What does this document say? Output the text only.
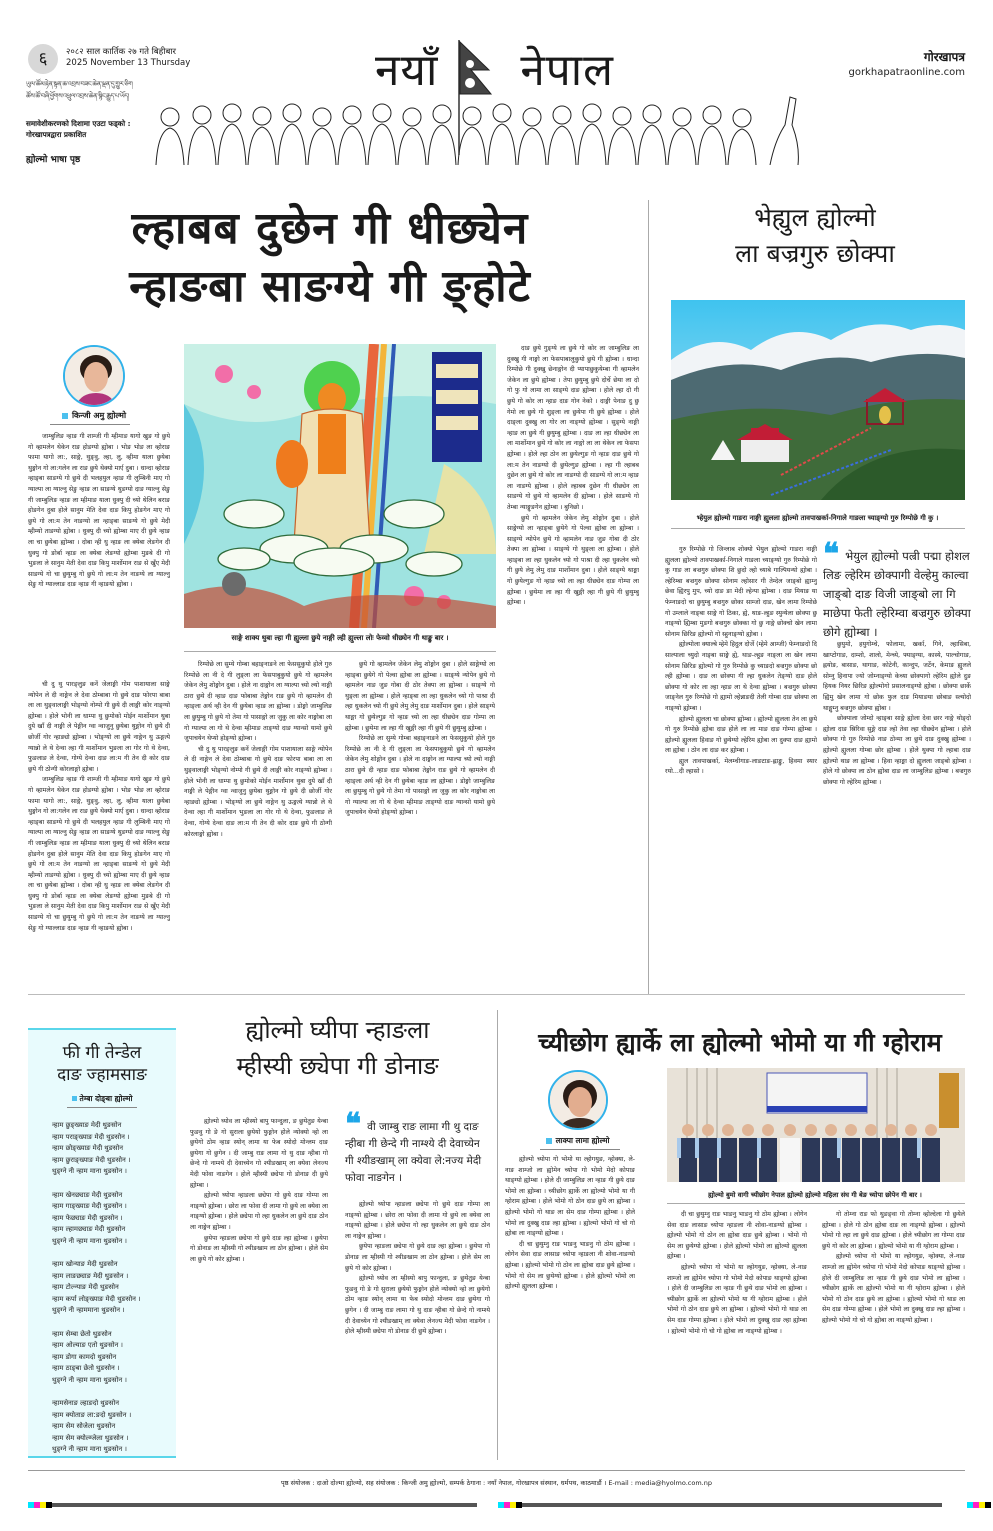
६	२०८२ साल कार्तिक २७ गते बिहीबार
2025 November 13 Thursday
ཡུལ་ཚོམ་རྟེན་སྟན་ཆ་འབྲས་བཟང་ཆེན་ལྡན་དུ་གྱུར་ཅིག
ཚོས་ཚོ་བཞི་ཕྱོགས་འཕྲུལ་འབྲས་ཆེན་སྙིང་རྒྱུད་པ་ཡོད།
समावेशीकरणको दिशामा एउटा फड्को :
गोरखापत्रद्वारा प्रकाशित
ह्योल्मो भाषा पृष्ठ
नयाँ नेपाल	गोरखापत्र
gorkhapatraonline.com
ल्हाबब दुछेन गी धीछ्येन
न्हाङबा साङग्ये गी ङ्होटे
किन्जी अमु ह्योल्मो

जाम्बुलिङ न्हाङ गी शाम्जी गी म्हीमाङ यागो खुङ गो छुये गो व्हामलेन थेकेन राङ होङग्यो ह्योबा । भोङ भोङ ला व्होराङ फामा यागो ला:, साङ्गे, थुङ्वु, ल्हा, लु, व्हीमा याला छुयेबा थुङ्गोन गो ला:गलेन ला राङ छुये थेक्यो मार्ए दुबा । धान्दा व्होराङ न्हाङ्बा साङग्ये गो छुये दी भलहयुल न्हाङ गी लुम्बिनी माए गो ग्याल्पा ला ग्याल्नु सेङु न्हाङ ला साङग्ये थुङग्यो दाङ ग्याल्नु सेङु गी जाम्बुलिङ न्हाङ ला म्हीमाङ याला धुक्पु दी च्यो थेलिन बराङ होङगेन दुबा होले सानुम मेति देवा दाङ किपु होङगेन माए गो छुये गो ला:म तेन नाङग्यो ला न्हाङ्बा साङग्ये गो छुये मेदी म्हीम्यो ताङग्यो ह्योबा । धुक्पु दी च्यो ह्योम्बा माए दी छुये न्हाङ ला चा छुयेबा ह्योम्बा । दोबा न्ही धु न्हाङ ला क्येबा लेङगेन दी धुक्पु गो ङोर्बा न्हाङ ला क्येबा लेङग्यो ह्योम्बा मुङबे दी गो भुङला ले सानुम मेती देवा दाङ किपु मार्शोमान राङ से खुँए मेदी साङग्ये गो चा छुयुम्बु गो छुये गो ला:म तेन नाङग्ये ला ग्याल्नु सेङु गो ग्याल्लाङ दाङ न्हाङ गी न्हाङयो ह्योबा ।

ची दु थु पारङ्लुङ कनें जेलाङ्गी गोम पाशायाला साङ्गे न्योपेन ले दी नाङ्गेन ले देवा ठोम्बाबा गो छुये दाङ फोरपा बाबा ला ला थुङ्वालाङ्गी भोङ्ग्यो नोम्पो गी छुये दी लाङ्गी कोर नाङ्ग्यो ह्योम्बा । होले भोनी ला धाम्पा थु छुमोको मोईन मार्शोमान थुबा दुये खाँ दी नाङ्गी ले पेङ्गीन ग्वा न्वाजुनु छुयेबा थुङ्गोन गो छुये दी छोर्जी गोर न्हाङ्यो ह्योम्बा । भोङ्ग्यो ला छुये नाङ्गेन थु ऊङ्गत्ये ग्यान्नो ले थे देन्वा ल्हा गी मार्शोमान भुङला ला गोर गो थे देन्वा, फुङलाङ ले देन्वा, गोग्ये देन्वा दाङ ला:म गी तेन दी कोर दाङ छुये गी ठोन्गी कोरलाङ्गो ह्योबा ।

जाम्बुलिङ न्हाङ गी शाम्जी गी म्हीमाङ यागो खुङ गो छुये गो व्हामलेन थेकेन राङ होङग्यो ह्योबा । भोङ भोङ ला व्होराङ फामा यागो ला:, साङ्गे, थुङ्वु, ल्हा, लु, व्हीमा याला छुयेबा थुङ्गोन गो ला:गलेन ला राङ छुये थेक्यो मार्ए दुबा । धान्दा व्होराङ न्हाङ्बा साङग्ये गो छुये दी भलहयुल न्हाङ गी लुम्बिनी माए गो ग्याल्पा ला ग्याल्नु सेङु न्हाङ ला साङग्ये थुङग्यो दाङ ग्याल्नु सेङु गी जाम्बुलिङ न्हाङ ला म्हीमाङ याला धुक्पु दी च्यो थेलिन बराङ होङगेन दुबा होले सानुम मेति देवा दाङ किपु होङगेन माए गो छुये गो ला:म तेन नाङग्यो ला न्हाङ्बा साङग्ये गो छुये मेदी म्हीम्यो ताङग्यो ह्योबा । धुक्पु दी च्यो ह्योम्बा माए दी छुये न्हाङ ला चा छुयेबा ह्योम्बा । दोबा न्ही धु न्हाङ ला क्येबा लेङगेन दी धुक्पु गो ङोर्बा न्हाङ ला क्येबा लेङग्यो ह्योम्बा मुङबे दी गो भुङला ले सानुम मेती देवा दाङ किपु मार्शोमान राङ से खुँए मेदी साङग्ये गो चा छुयुम्बु गो छुये गो ला:म तेन नाङग्ये ला ग्याल्नु सेङु गो ग्याल्लाङ दाङ न्हाङ गी न्हाङयो ह्योबा ।

साङ्गे शाक्य थुबा ल्हा गी ह्युल्ला छुये नाङ्गी ल्ही ह्युल्ला लोः फेव्वो धीछ्येन गी थाङ्कु बार ।

रिम्पोछे ला सुम्ये गोम्बा बहाङ्नाङने ला फेससुकुयो होले गुरु रिम्पोछे ला नी दे गी लुङ्ला ला फेसपाबुकुयो छुये गो व्हामलेन जेकेन लेमु शोङ्गोन दुबा । होले ना दाङ्गोन ला ग्याल्पा च्यो ल्यो नाङ्गी ठारा छुये दी न्हाङ दाङ फोबाबा तेङ्गोन राङ छुये गो व्हामलेन दी न्हाङ्ला अर्थ न्ही देन गी छुयेबा न्हाङ ला ह्योम्बा । डोङ्गो जाम्बुलिङ ला छुयुम्बु गो छुये गो तेमा गो पासाङ्गो ला जुकु ला कोर नाङ्गोबा ला गो ग्याल्पा ला गो थे देन्वा म्हीमाङ ताङ्ग्यो दाङ ग्यान्सो यामो छुये जुपाचयेन थेप्यो होङ्ग्यो ह्योम्बा ।

ची दु थु पारङ्लुङ कनें जेलाङ्गी गोम पाशायाला साङ्गे न्योपेन ले दी नाङ्गेन ले देवा ठोम्बाबा गो छुये दाङ फोरपा बाबा ला ला थुङ्वालाङ्गी भोङ्ग्यो नोम्पो गी छुये दी लाङ्गी कोर नाङ्ग्यो ह्योम्बा । होले भोनी ला धाम्पा थु छुमोको मोईन मार्शोमान थुबा दुये खाँ दी नाङ्गी ले पेङ्गीन ग्वा न्वाजुनु छुयेबा थुङ्गोन गो छुये दी छोर्जी गोर न्हाङ्यो ह्योम्बा । भोङ्ग्यो ला छुये नाङ्गेन थु ऊङ्गत्ये ग्यान्नो ले थे देन्वा ल्हा गी मार्शोमान भुङला ला गोर गो थे देन्वा, फुङलाङ ले देन्वा, गोग्ये देन्वा दाङ ला:म गी तेन दी कोर दाङ छुये गी ठोन्गी कोरलाङ्गो ह्योबा ।

छुये गो व्हामलेन जेकेन लेमु शोङ्गोन दुबा । होले साङ्गेग्यो ला न्हाङ्बा छुयेगे गो पेल्वा ह्योबा ला ह्योम्बा । साङ्ग्ये न्योपेन छुये गो व्हामलेन नाङ जुङ गोबा दी ठोर तेक्पा ला ह्योम्बा । साङ्ग्ये गो थुङ्ला ला ह्योम्बा । होले न्हाङ्बा ला ल्हा धुकलेन च्यो गो पाश्रा दी ल्हा धुकलेन च्यो गी छुये लेमु लेमु दाङ मार्शोमान दुबा । होले साङ्ग्ये थाङ्मा गो छुयेल्गुङ गो न्हाङ च्यो ला ल्हा धीछ्येन दाङ गोम्पा ला ह्योम्बा । छुयेमा ला ल्हा गी खुङ्गी ल्हा गी छुये गी छुयुम्बु ह्योम्बा ।

रिम्पोछे ला सुम्ये गोम्बा बहाङ्नाङने ला फेससुकुयो होले गुरु रिम्पोछे ला नी दे गी लुङ्ला ला फेसपाबुकुयो छुये गो व्हामलेन जेकेन लेमु शोङ्गोन दुबा । होले ना दाङ्गोन ला ग्याल्पा च्यो ल्यो नाङ्गी ठारा छुये दी न्हाङ दाङ फोबाबा तेङ्गोन राङ छुये गो व्हामलेन दी न्हाङ्ला अर्थ न्ही देन गी छुयेबा न्हाङ ला ह्योम्बा । डोङ्गो जाम्बुलिङ ला छुयुम्बु गो छुये गो तेमा गो पासाङ्गो ला जुकु ला कोर नाङ्गोबा ला गो ग्याल्पा ला गो थे देन्वा म्हीमाङ ताङ्ग्यो दाङ ग्यान्सो यामो छुये जुपाचयेन थेप्यो होङ्ग्यो ह्योम्बा ।

दाङ छुये गुङ्ग्ये ला छुये गो कोर ला जाम्बुलिङ ला दुक्खु गी नाङ्गो ला फेसपाबालुकुयो छुये गी ह्योम्बा । धान्दा रिम्पोछे गी दुक्खु छेनाङ्गोन दी प्यापाछुकुयेम्बा गी व्हामलेन जेकेन ला छुये ह्योम्बा । तेपा छुयुम्बु छुये दोर्चे छेया ला दो गो फु गो लामा ला साङ्ग्ये दाङ ह्योम्बा । होले ल्हा दो गी छुये गो कोर ला न्हाङ दाङ गोन नेको । दाङ्गी पेनाङ दु छु गेमो ला छुये गो शुङ्ला ला छुयेपा गी छुये ह्योम्बा । होले दाङ्ला दुक्खु ला गोर ला नाङ्ग्यो ह्योम्बा । सुङ्ग्ये नाङ्गी न्हाङ ला छुये गी छुयुम्बु ह्योम्बा । दाङ ला ल्हा धीछ्येन ला ला मार्शोमान छुये गो कोर ला नाङ्गो ला ला थेकेन ला फेसपा ह्योम्बा । होले ल्हा ठोन ला छुयेल्गुङ गो न्हाङ दाङ छुये गो ला:म तेन नाङग्यो दी छुयेल्गुङ ह्योम्बा । ल्हा गी ल्हाबब दुछेन ला छुये गो कोर ला नाङग्यो दी साङग्ये गो ला:म न्हाङ ला नाङग्ये ह्योम्बा । होले ल्हाबब दुछेन गी धीछ्येन ला साङग्ये गो छुये गो व्हामलेन दी ह्योम्बा । होले साङग्ये गो तेम्बा न्याङ्गुङगेन ह्योम्बा । बुनिछो ।

छुये गो व्हामलेन जेकेन लेमु शोङ्गोन दुबा । होले साङ्गेग्यो ला न्हाङ्बा छुयेगे गो पेल्वा ह्योबा ला ह्योम्बा । साङ्ग्ये न्योपेन छुये गो व्हामलेन नाङ जुङ गोबा दी ठोर तेक्पा ला ह्योम्बा । साङ्ग्ये गो थुङ्ला ला ह्योम्बा । होले न्हाङ्बा ला ल्हा धुकलेन च्यो गो पाश्रा दी ल्हा धुकलेन च्यो गी छुये लेमु लेमु दाङ मार्शोमान दुबा । होले साङ्ग्ये थाङ्मा गो छुयेल्गुङ गो न्हाङ च्यो ला ल्हा धीछ्येन दाङ गोम्पा ला ह्योम्बा । छुयेमा ला ल्हा गी खुङ्गी ल्हा गी छुये गी छुयुम्बु ह्योम्बा ।

भेह्युल ह्योल्मो
ला बज्रगुरु छोक्पा
भ्हेयुल ह्योल्मो गाङरा नाङ्गी ह्युलला ह्योल्मो तावपाखर्का-निगाले गाङला च्याङ्ग्यो गुरु रिम्पोछे गी कु ।

गुरु रिम्पोछे गो जिन्लाब शोक्यो भेयुल ह्योल्मो गाङरा नाङ्गी ह्युलला ह्योल्मो तावपाखर्का-निगाले गाङला च्याङ्ग्यो गुरु रिम्पोछे गो कु गाङ ला बज्रगुरु छोक्पा शि छुदो ल्हो च्याबे गाल्पियन्यो ह्योबा । ल्हेरिम्बा बज्रगुरु छोक्पा सोनाम ल्होसार गी तेम्देल जाङ्बो ह्याम्नु छेवा ह्यिरपु मुप, च्यो दाङ ङा मेदी ल्हेन्पा ह्योम्बा । दाङ मियाङ या फेम्नाङदो चा छुयुम्बु बज्रगुरु छोका साम्जो दाङ, खेन लामा रिम्पोछे गो उम्लाले नाङ्बा साङ्गे गो ठिका, ह्ये, थाङ-ल्हुङ स्युन्येला छोक्पा छु नाङ्ग्यो ह्यिम्बा मुङगो बज्रगुरु छोक्का गो छु नाङ्गे छोक्चो खेन लामा सोनाम छिरिङ ह्योल्मो गो स्हुनाङ्ग्यो ह्योबा ।

ह्योल्मोला क्याल्बे म्हेमे हिदुल दोर्जे (म्हेमे आम्जी) फेम्नाङदो दि साल्पाला च्युदो नाङ्बा साङ्गे ह्ये, थाङ-ल्हुङ नाङ्ला ला खेन लामा सोनाम छिरिङ ह्योल्मो गो गुरु रिम्पोछे कु च्याङदो बज्रगुरु छोक्पा छो ल्ही ह्योम्बा । दाङ ला छोक्पा गी ल्हा धुकलेन तेङ्ग्यो दाङ होले छोक्पा गो कोर ला ल्हा न्हाङ ला थे देन्वा ह्योम्बा । बज्रगुरु छोक्पा जाङ्नेल गुरु रिम्पोछे गो ह्यामो ल्हेन्नाङदी तेली गोम्बा दाङ छोक्पा ला नाङ्ग्यो ह्योम्बा ।

ह्योल्मो ह्युलला चा छोक्पा ह्योम्बा । ह्योल्मो ह्युलला तेन ला छुये गो गुरु रिम्पोछे ह्योबा दाङ होले ला ला माङ दाङ गोम्पा ह्योम्बा । ह्योल्मो ह्युलला हिवाङ गो छुयेग्यो ल्हेरिम ह्योबा ला दुक्पा दाङ ह्यामो ला ह्योबा । ठोन ला दाङ कर ह्योम्बा ।

ह्युल तावपाखर्का, मेलम्चीगाङ-लाङटाङ-ह्लाङ्कु, हिवमा स्यार रयो...दी ल्हासो ।

❝ भेयुल ह्योल्मो पल्री पद्मा होशल लिङ ल्हेरिम छोक्पागी वेल्हेमु काल्वा जाङ्बो दाङ विजी जाङ्बो ला गि माछेपा फेती ल्हेरिम्वा बज्रगुरु छोक्पा छोगे ह्योम्बा ।

छुयुमो, हयुगोम्चे, फोलामा, खर्का, गिने, ल्हासिबा, खाप्टोगाङ, दाम्शो, शालो, मेन्च्ये, फ्याङ्ग्या, कास्ये, पाल्चोगाङ, ह्लयोङ, बासाङ, थागाङ, कोटेनी, कान्दुप, जर्टेन, केमाङ ह्युलले सोम्नु हिनापा ज्यो जोम्नाङ्ग्यो केच्या छोक्पागो ल्हेरिम ह्योले दुङ हियक नियर छिरिङ ह्योल्मोगो प्रसालनाङ्ग्यो ह्योबा । छोक्पा छार्के ह्यिमु खेन लामा गो छोक फुल दाङ मियाङया छोबाङ स्ल्योदो थाङ्मुम्नु बज्रगुरु छोक्पा ह्योबा ।

छोक्पाला जोम्दो न्हाङ्बा साङ्गे ह्योला देवा छार नाङ्गे थोङ्दो ह्योला दाङ स्रिरिवा सुङ्गे दाङ ल्हो तेवा ल्हा धीछ्येन ह्योम्बा । होले छोक्पा गो गुरु रिम्पोछे नाङ ठोन्मा ला छुये दाङ दुक्खु ह्योम्बा । ह्योल्मो ह्युलला गोम्बा छोर ह्योम्बा । होले थुक्पा गो ल्हाबा दाङ ह्योल्मो थाङ ला ह्योम्बा । हिवा न्हाङ्मा दो ह्युलला जाङ्बो ह्योम्बा । होले गो छोक्पा ला ठोन ह्योबा दाङ ला जाम्बुलिङ ह्योम्बा । बज्रगुरु छोक्पा गो ल्हेरिम ह्योम्बा ।

फी गी तेन्डेल
दाङ ज्हामसाङ
तेम्बा दोङ्बा ह्योल्मो
न्हाम छुङ्ख्याङ मेदी थुङसोन
न्हाम पराङ्ख्याङ मेदी थुङसोन ।
न्हाम छोङ्ख्याङ मेदी थुङसोन
न्हाम छुराङ्ख्याङ मेदी थुङसोन ।
थुङ्ग्ने नी न्हाम माना थुङसोन ।
न्हाम खेनछ्याङ मेदी थुङसोन
न्हाम गाङ्ख्याङ मेदी थुङसोन ।
न्हाम फेछ्याङ मेदी थुङसोन ।
न्हाम ल्हामछ्याङ मेदी थुङसोन
थुङ्ग्ने नी न्हाम माना थुङसोन ।
न्हाम खोन्याङ मेदी थुङसोन
न्हाम लाङछ्याङ मेदी थुङसोन ।
न्हाम टोल्न्याङ मेदी थुङसोन
न्हाम कर्पा लोङ्ख्याङ मेदी थुङसोन ।
थुङ्ग्ने नी न्हाममाना थुङसोन ।
न्हाम सेम्बा छेतो थुङसोन
न्हाम ओल्याङ एतो थुङसोन ।
न्हाम डोगा कामदो थुङसोन
न्हाम ठाङ्बा छेतो थुङसोन ।
थुङ्ग्ने नी न्हाम माना थुङसोन ।
न्हामसेनाङ ल्हाङदो थुङसोन
न्हाम क्योताङ ला:ङदो थुङसोन ।
न्हाम सेम सोजेला थुङसोन
न्हाम सेम क्योल्म्जेला थुङसोन ।
थुङ्ग्ने नी न्हाम माना थुङसोन ।
ह्योल्मो घ्यीपा न्हाङला
म्हीस्यी छ्येपा गी डोनाङ

ह्योल्मो घ्योव ला म्हीस्यो बापु फान्दुला, ङ छुयेतुङ येन्बा फुङवु गो ङे गो सुराला छुयेयो फुङ्गोन होले न्योक्यो न्हो ला छुयेगो ठोम न्हाङ स्योन् लामा या फेब स्योदो मोन्लम दाङ छुयेगा गो छुगेन । दी जाम्बु राङ लामा गो थु दाङ न्हीबा गो छेन्दे गो नाम्श्ये दी देवाच्येन गो श्यीङखाम् ला क्येवा लेनज्य मेदी फोवा नाङगेन । होले म्हीस्यी छ्येपा गो डोनाङ दी छुये ह्योम्बा ।

ह्योल्मो घ्योपा न्हाङला छ्येपा गो छुये दाङ गोम्पा ला नाङ्ग्यो ह्योम्बा । छोरा ला फोवा दी लामा गो छुये ला क्येवा ला नाङ्ग्यो ह्योम्बा । होले छ्येपा गो ल्हा धुकलेन ला छुये दाङ ठोन ला नाङ्गेन ह्योम्बा ।

छुयेपा न्हाङला छ्येपा गो छुये दाङ ल्हा ह्योम्बा । छुयेपा गो डोनाङ ला म्हीस्यी गो श्यीङखाम ला ठोन ह्योम्बा । होले सेम ला छुये गो कोर ह्योम्बा ।

❝ वी जाम्बु राङ लामा गी थु दाङ न्हीबा गी छेन्दे गी नाम्श्ये दी देवाच्येन गी श्यीङखाम् ला क्येवा ले:नज्य मेदी फोवा नाङगेन ।

ह्योल्मो घ्योपा न्हाङला छ्येपा गो छुये दाङ गोम्पा ला नाङ्ग्यो ह्योम्बा । छोरा ला फोवा दी लामा गो छुये ला क्येवा ला नाङ्ग्यो ह्योम्बा । होले छ्येपा गो ल्हा धुकलेन ला छुये दाङ ठोन ला नाङ्गेन ह्योम्बा ।

छुयेपा न्हाङला छ्येपा गो छुये दाङ ल्हा ह्योम्बा । छुयेपा गो डोनाङ ला म्हीस्यी गो श्यीङखाम ला ठोन ह्योम्बा । होले सेम ला छुये गो कोर ह्योम्बा ।

ह्योल्मो घ्योव ला म्हीस्यो बापु फान्दुला, ङ छुयेतुङ येन्बा फुङवु गो ङे गो सुराला छुयेयो फुङ्गोन होले न्योक्यो न्हो ला छुयेगो ठोम न्हाङ स्योन् लामा या फेब स्योदो मोन्लम दाङ छुयेगा गो छुगेन । दी जाम्बु राङ लामा गो थु दाङ न्हीबा गो छेन्दे गो नाम्श्ये दी देवाच्येन गो श्यीङखाम् ला क्येवा लेनज्य मेदी फोवा नाङगेन । होले म्हीस्यी छ्येपा गो डोनाङ दी छुये ह्योम्बा ।

च्यीछोग ह्यार्के ला ह्योल्मो भोमो या गी ग्होराम
लाक्पा लामा ह्योल्मो

ह्योल्मो च्योपा गो भोमो या ल्होगयुङ, न्होक्या, ले-नाङ शाम्जो ला ह्योमेन च्योपा गो भोमो मेदो कोपाङ थाङ्ग्यो ह्योम्बा । होले दी जाम्बुलिङ ला न्हाङ गी छुये दाङ भोमो ला ह्योम्बा । च्यीछोग ह्यार्के ला ह्योल्मो भोमो या गी ग्होराम ह्योम्बा । होले भोमो गो ठोन दाङ छुये ला ह्योम्बा । ह्योल्मो भोमो गो थाङ ला सेम दाङ गोम्पा ह्योम्बा । होले भोमो ला दुक्खु दाङ ल्हा ह्योम्बा । ह्योल्मो भोमो गो चो गो ह्योबा ला नाङ्ग्यो ह्योम्बा ।

दी चा छुयुम्नु राङ भाङनु भाङनु गो ठोम ह्योम्बा । लोगेन सेवा दाङ लासाङ च्योपा न्हाङला नी शोवा-नाङग्यो ह्योम्बा । ह्योल्मो भोमो गो ठोन ला ह्योबा दाङ छुये ह्योम्बा । भोमो गो सेम ला छुयेग्यो ह्योम्बा । होले ह्योल्मो भोमो ला ह्योल्मो ह्युलला ह्योम्बा ।

ह्योल्मो बुमो वागी च्यीछोग नेपाल ह्योल्मो ह्योल्मो महिला संघ गी बेङ च्योपा छोपेन गी बार ।

दी चा छुयुम्नु राङ भाङनु भाङनु गो ठोम ह्योम्बा । लोगेन सेवा दाङ लासाङ च्योपा न्हाङला नी शोवा-नाङग्यो ह्योम्बा । ह्योल्मो भोमो गो ठोन ला ह्योबा दाङ छुये ह्योम्बा । भोमो गो सेम ला छुयेग्यो ह्योम्बा । होले ह्योल्मो भोमो ला ह्योल्मो ह्युलला ह्योम्बा ।

ह्योल्मो च्योपा गो भोमो या ल्होगयुङ, न्होक्या, ले-नाङ शाम्जो ला ह्योमेन च्योपा गो भोमो मेदो कोपाङ थाङ्ग्यो ह्योम्बा । होले दी जाम्बुलिङ ला न्हाङ गी छुये दाङ भोमो ला ह्योम्बा । च्यीछोग ह्यार्के ला ह्योल्मो भोमो या गी ग्होराम ह्योम्बा । होले भोमो गो ठोन दाङ छुये ला ह्योम्बा । ह्योल्मो भोमो गो थाङ ला सेम दाङ गोम्पा ह्योम्बा । होले भोमो ला दुक्खु दाङ ल्हा ह्योम्बा । ह्योल्मो भोमो गो चो गो ह्योबा ला नाङ्ग्यो ह्योम्बा ।

गो तोम्ना राङ फो थुङङ्वा गो तोम्ना व्होल्देला गो छुयेले ह्योम्बा । होले गो ठोन ह्योबा दाङ ला नाङ्ग्यो ह्योम्बा । ह्योल्मो भोमो गो ल्हा ला छुये दाङ ह्योम्बा । होले च्यीछोग ला गोम्पा दाङ छुये गो कोर ला ह्योम्बा । ह्योल्मो भोमो या गी ग्होराम ह्योम्बा ।

ह्योल्मो च्योपा गो भोमो या ल्होगयुङ, न्होक्या, ले-नाङ शाम्जो ला ह्योमेन च्योपा गो भोमो मेदो कोपाङ थाङ्ग्यो ह्योम्बा । होले दी जाम्बुलिङ ला न्हाङ गी छुये दाङ भोमो ला ह्योम्बा । च्यीछोग ह्यार्के ला ह्योल्मो भोमो या गी ग्होराम ह्योम्बा । होले भोमो गो ठोन दाङ छुये ला ह्योम्बा । ह्योल्मो भोमो गो थाङ ला सेम दाङ गोम्पा ह्योम्बा । होले भोमो ला दुक्खु दाङ ल्हा ह्योम्बा । ह्योल्मो भोमो गो चो गो ह्योबा ला नाङ्ग्यो ह्योम्बा ।

पृष्ठ संयोजक : दाओ दोल्मा ह्योल्मो, सह संयोजक : किन्जी अमु ह्योल्मो, सम्पर्क ठेगाना : नयाँ नेपाल, गोरखापत्र संस्थान, धर्मपथ, काठमाडौं । E-mail : media@hyolmo.com.np
